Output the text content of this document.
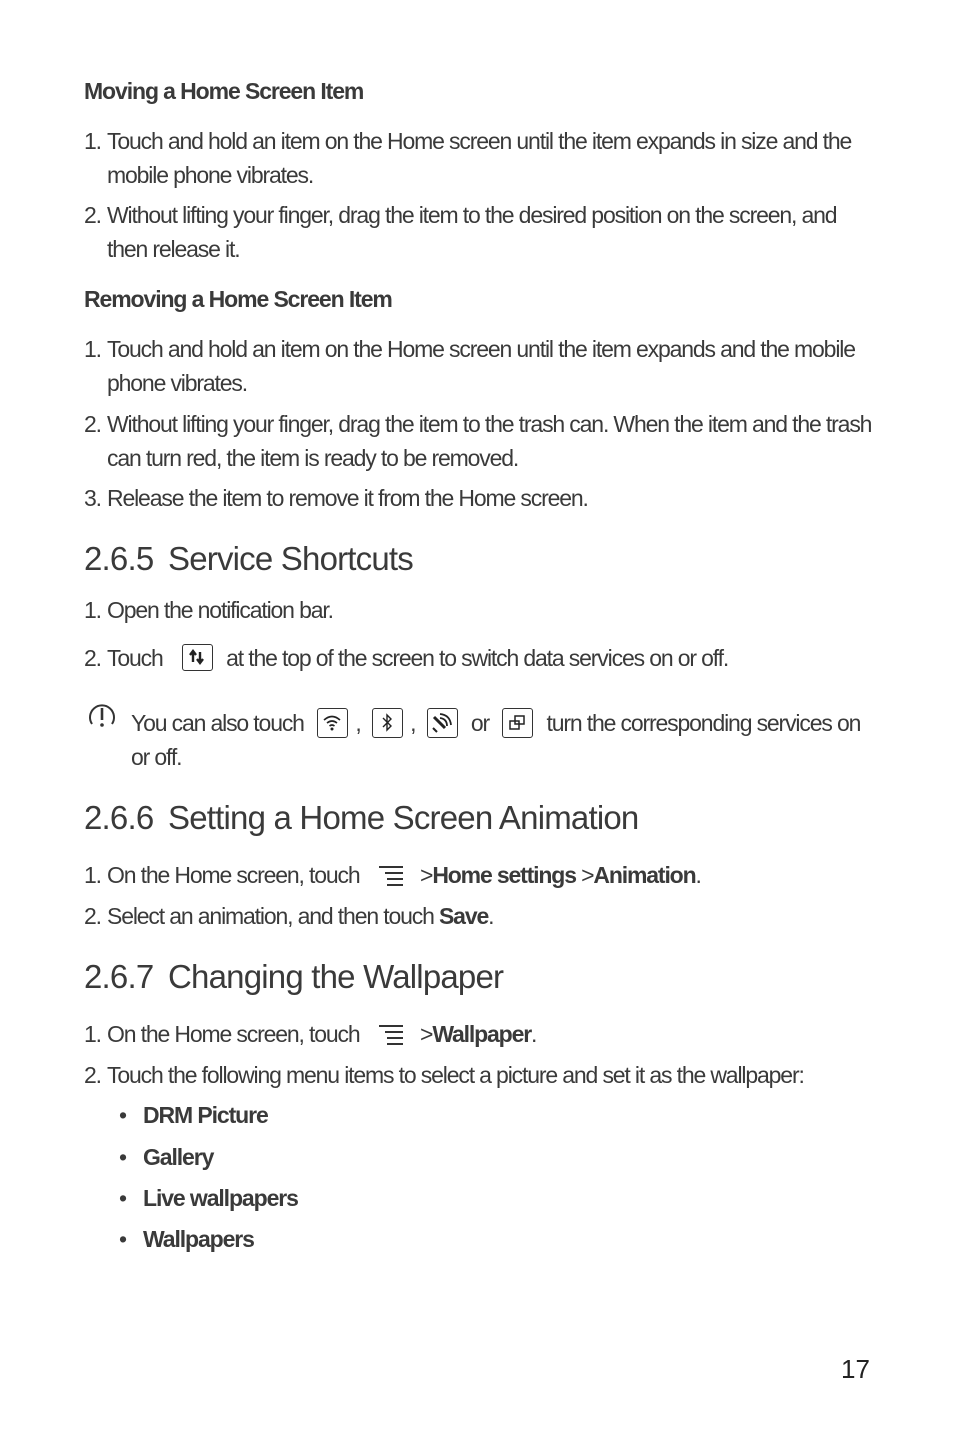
Moving a Home Screen Item
1. Touch and hold an item on the Home screen until the item expands in size and the mobile phone vibrates.
2. Without lifting your finger, drag the item to the desired position on the screen, and then release it.
Removing a Home Screen Item
1. Touch and hold an item on the Home screen until the item expands and the mobile phone vibrates.
2. Without lifting your finger, drag the item to the trash can. When the item and the trash can turn red, the item is ready to be removed.
3. Release the item to remove it from the Home screen.
2.6.5 Service Shortcuts
1. Open the notification bar.
2. Touch	at the top of the screen to switch data services on or off.
You can also touch , , or	turn the corresponding services on
or off.
2.6.6 Setting a Home Screen Animation
1. On the Home screen, touch	>Home settings >Animation.
2. Select an animation, and then touch Save.
2.6.7 Changing the Wallpaper
1. On the Home screen, touch	>Wallpaper.
2. Touch the following menu items to select a picture and set it as the wallpaper:
• DRM Picture
• Gallery
• Live wallpapers
• Wallpapers
17
